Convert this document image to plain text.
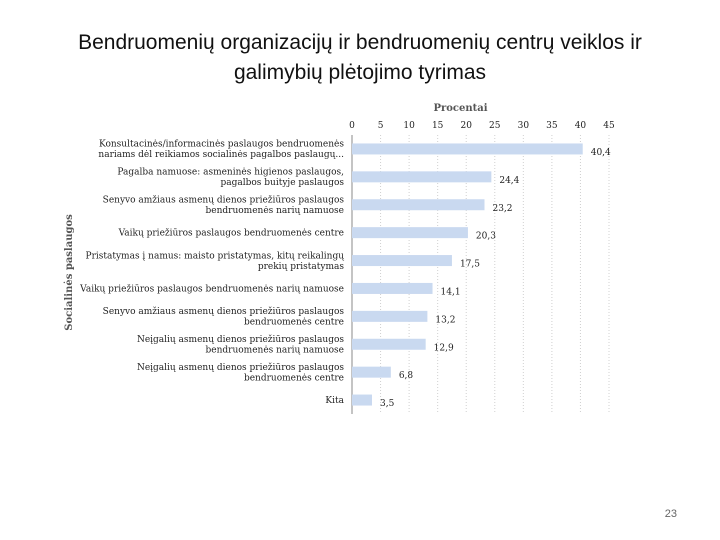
Bendruomenių organizacijų ir bendruomenių centrų veiklos ir
galimybių plėtojimo tyrimas
Procentai
0	5 10 15 20 25 30 35 40 45
Socialinės paslaugos
Konsultacinės/informacinės paslaugos bendruomenės
nariams dėl reikiamos socialinės pagalbos paslaugų...	40,4
Pagalba namuose: asmeninės higienos paslaugos,
pagalbos buityje paslaugos	24,4
Senyvo amžiaus asmenų dienos priežiūros paslaugos
bendruomenės narių namuose	23,2
Vaikų priežiūros paslaugos bendruomenės centre	20,3
Pristatymas į namus: maisto pristatymas, kitų reikalingų
prekių pristatymas	17,5
Vaikų priežiūros paslaugos bendruomenės narių namuose	14,1
Senyvo amžiaus asmenų dienos priežiūros paslaugos
bendruomenės centre	13,2
Neįgalių asmenų dienos priežiūros paslaugos
bendruomenės narių namuose	12,9
Neįgalių asmenų dienos priežiūros paslaugos
bendruomenės centre	6,8
Kita	3,5
23
